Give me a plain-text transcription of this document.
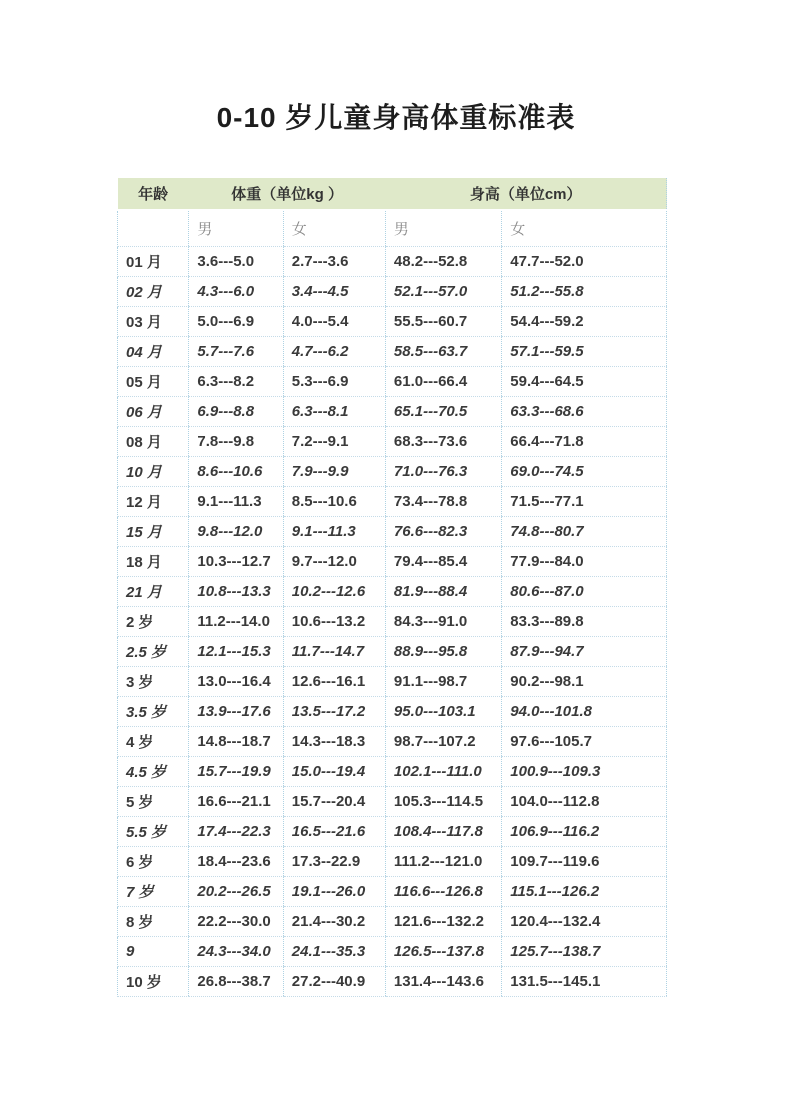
0-10 岁儿童身高体重标准表
年龄	体重（单位kg ）		身高（单位cm）	
	男	女	男	女
01 月	3.6---5.0	2.7---3.6	48.2---52.8	47.7---52.0
02 月	4.3---6.0	3.4---4.5	52.1---57.0	51.2---55.8
03 月	5.0---6.9	4.0---5.4	55.5---60.7	54.4---59.2
04 月	5.7---7.6	4.7---6.2	58.5---63.7	57.1---59.5
05 月	6.3---8.2	5.3---6.9	61.0---66.4	59.4---64.5
06 月	6.9---8.8	6.3---8.1	65.1---70.5	63.3---68.6
08 月	7.8---9.8	7.2---9.1	68.3---73.6	66.4---71.8
10 月	8.6---10.6	7.9---9.9	71.0---76.3	69.0---74.5
12 月	9.1---11.3	8.5---10.6	73.4---78.8	71.5---77.1
15 月	9.8---12.0	9.1---11.3	76.6---82.3	74.8---80.7
18 月	10.3---12.7	9.7---12.0	79.4---85.4	77.9---84.0
21 月	10.8---13.3	10.2---12.6	81.9---88.4	80.6---87.0
2 岁	11.2---14.0	10.6---13.2	84.3---91.0	83.3---89.8
2.5 岁	12.1---15.3	11.7---14.7	88.9---95.8	87.9---94.7
3 岁	13.0---16.4	12.6---16.1	91.1---98.7	90.2---98.1
3.5 岁	13.9---17.6	13.5---17.2	95.0---103.1	94.0---101.8
4 岁	14.8---18.7	14.3---18.3	98.7---107.2	97.6---105.7
4.5 岁	15.7---19.9	15.0---19.4	102.1---111.0	100.9---109.3
5 岁	16.6---21.1	15.7---20.4	105.3---114.5	104.0---112.8
5.5 岁	17.4---22.3	16.5---21.6	108.4---117.8	106.9---116.2
6 岁	18.4---23.6	17.3--22.9	111.2---121.0	109.7---119.6
7 岁	20.2---26.5	19.1---26.0	116.6---126.8	115.1---126.2
8 岁	22.2---30.0	21.4---30.2	121.6---132.2	120.4---132.4
9	24.3---34.0	24.1---35.3	126.5---137.8	125.7---138.7
10 岁	26.8---38.7	27.2---40.9	131.4---143.6	131.5---145.1
